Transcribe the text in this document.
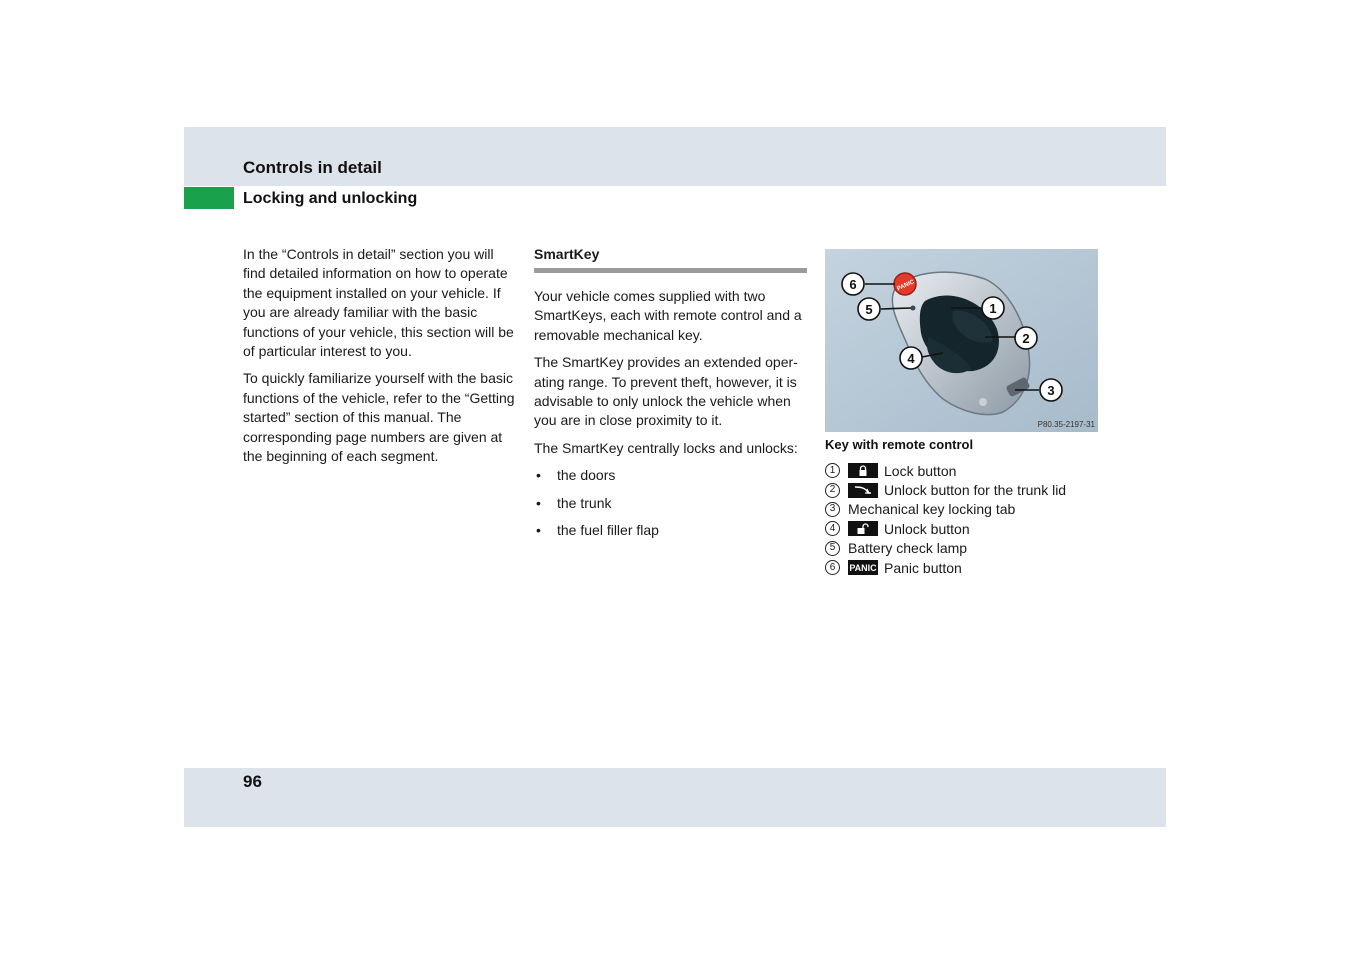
Controls in detail
Locking and unlocking

In the “Controls in detail” section you will find detailed information on how to operate the equipment installed on your vehicle. If you are already familiar with the basic functions of your vehicle, this section will be of particular interest to you.

To quickly familiarize yourself with the basic functions of the vehicle, refer to the “Getting started” section of this manual. The corresponding page numbers are given at the beginning of each segment.

SmartKey

Your vehicle comes supplied with two SmartKeys, each with remote control and a removable mechanical key.

The SmartKey provides an extended operating range. To prevent theft, however, it is advisable to only unlock the vehicle when you are in close proximity to it.

The SmartKey centrally locks and unlocks:

• the doors
• the trunk
• the fuel filler flap
PANIC
6
5	1
2
4
3
P80.35-2197-31
Key with remote control
1	Lock button
2	Unlock button for the trunk lid
3 Mechanical key locking tab
4	Unlock button
5 Battery check lamp
6	PANIC Panic button
96
